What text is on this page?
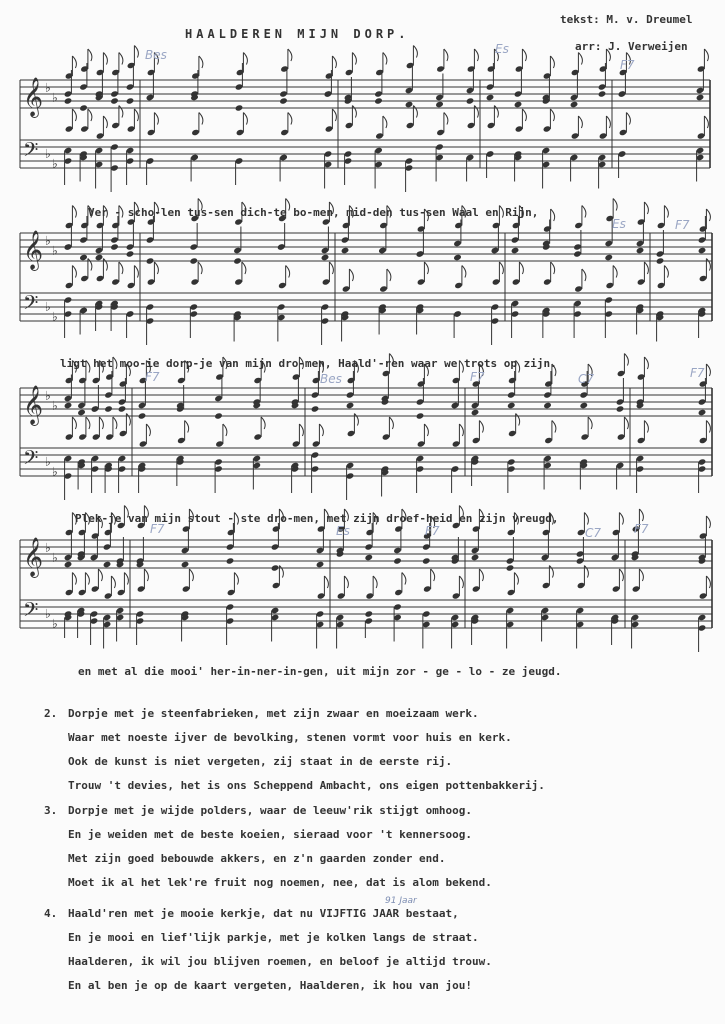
HAALDEREN MIJN DORP.
tekst: M. v. Dreumel
arr: J. Verweijen
𝄞 ♭
♭
𝄢 ♭
♭
𝄞 ♭
♭
𝄢 ♭
♭
𝄞 ♭
♭
𝄢 ♭
♭
𝄞 ♭
♭
𝄢 ♭
♭
Bes	Es
F7
F7
Es
F7	F7	F7
Bes	C7
F7	Es	F7	C7	F7
Ver - scho-len tus-sen dich-te bo-men, mid-den tus-sen Waal en Rijn,
ligt het moo-ie dorp-je van mijn dro-men, Haald'-ren waar we trots op zijn.
Plek-je van mijn stout - ste dro-men, met zijn droef-heid en zijn vreugd,
en met al die mooi' her-in-ner-in-gen, uit mijn zor - ge - lo - ze jeugd.
2. Dorpje met je steenfabrieken, met zijn zwaar en moeizaam werk.
Waar met noeste ijver de bevolking, stenen vormt voor huis en kerk.
Ook de kunst is niet vergeten, zij staat in de eerste rij.
Trouw 't devies, het is ons Scheppend Ambacht, ons eigen pottenbakkerij.
3. Dorpje met je wijde polders, waar de leeuw'rik stijgt omhoog.
En je weiden met de beste koeien, sieraad voor 't kennersoog.
Met zijn goed bebouwde akkers, en z'n gaarden zonder end.
Moet ik al het lek're fruit nog noemen, nee, dat is alom bekend.
91 Jaar
4. Haald'ren met je mooie kerkje, dat nu VIJFTIG JAAR bestaat,
En je mooi en lief'lijk parkje, met je kolken langs de straat.
Haalderen, ik wil jou blijven roemen, en beloof je altijd trouw.
En al ben je op de kaart vergeten, Haalderen, ik hou van jou!
